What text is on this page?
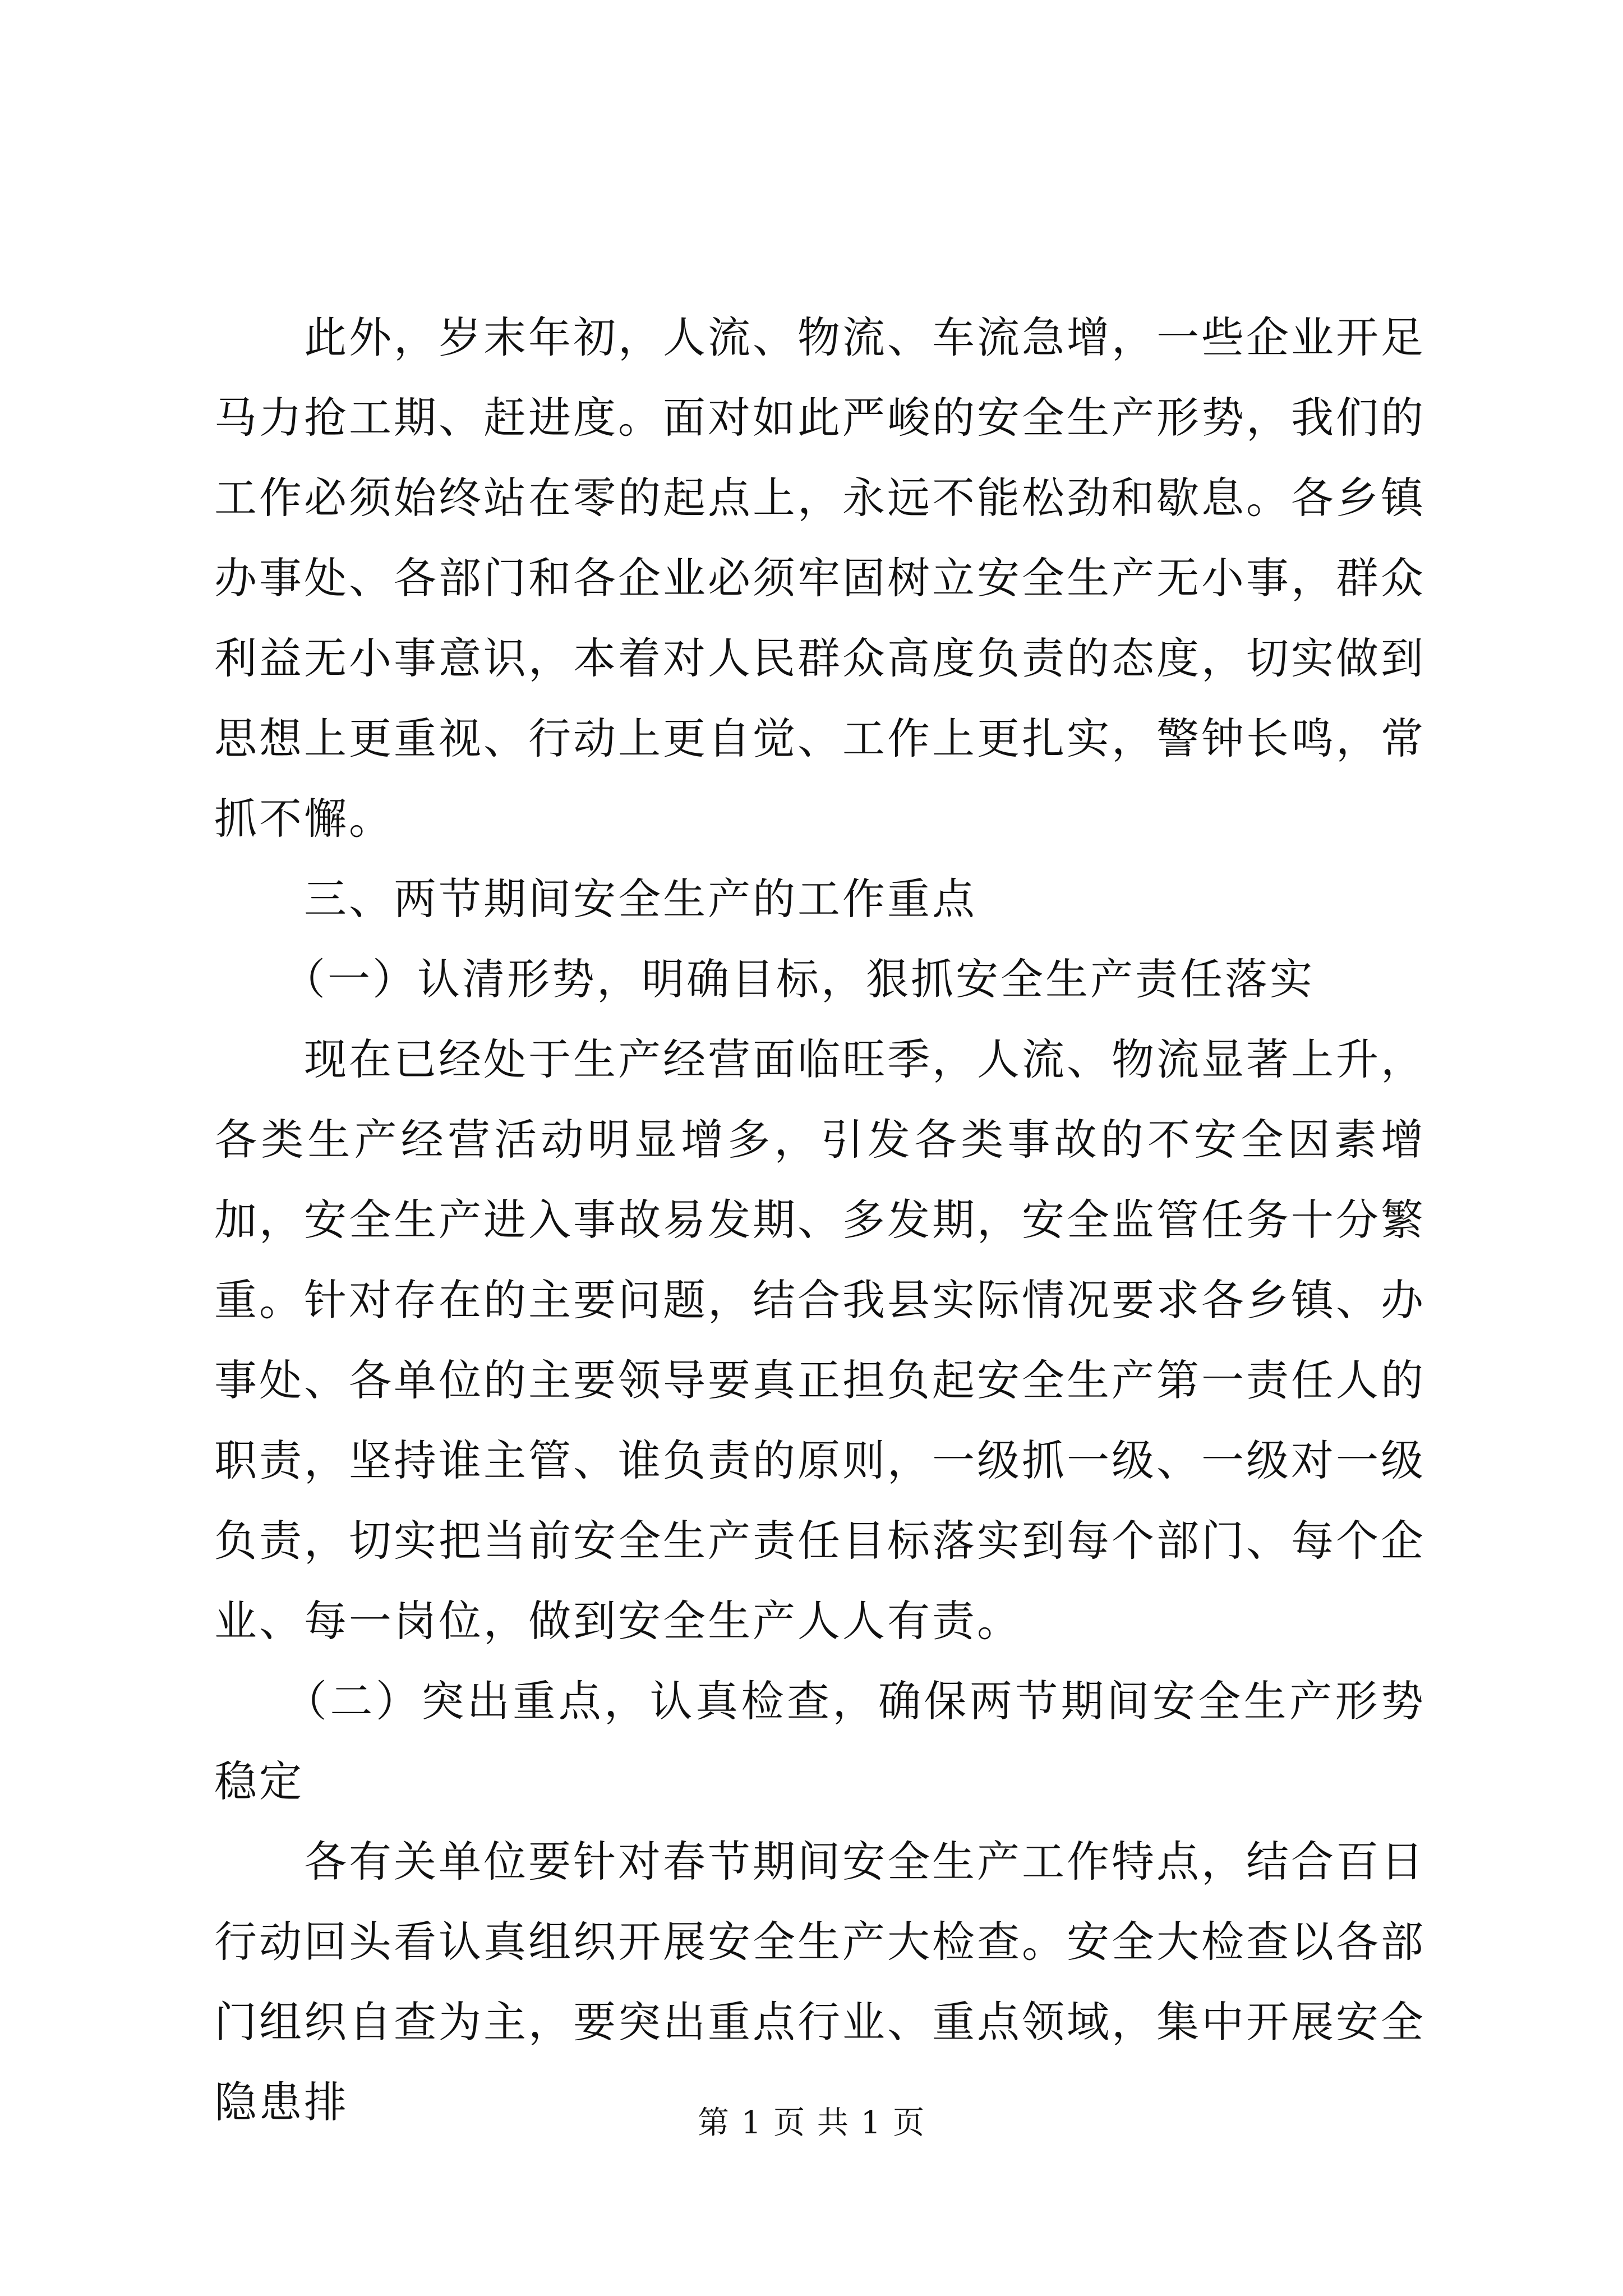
　　此外，岁末年初，人流、物流、车流急增，一些企业开足马力抢工期、赶进度。面对如此严峻的安全生产形势，我们的工作必须始终站在零的起点上，永远不能松劲和歇息。各乡镇办事处、各部门和各企业必须牢固树立安全生产无小事，群众利益无小事意识，本着对人民群众高度负责的态度，切实做到思想上更重视、行动上更自觉、工作上更扎实，警钟长鸣，常抓不懈。

　　三、两节期间安全生产的工作重点

　　（一）认清形势，明确目标，狠抓安全生产责任落实

　　现在已经处于生产经营面临旺季，人流、物流显著上升，各类生产经营活动明显增多，引发各类事故的不安全因素增加，安全生产进入事故易发期、多发期，安全监管任务十分繁重。针对存在的主要问题，结合我县实际情况要求各乡镇、办事处、各单位的主要领导要真正担负起安全生产第一责任人的职责，坚持谁主管、谁负责的原则，一级抓一级、一级对一级负责，切实把当前安全生产责任目标落实到每个部门、每个企业、每一岗位，做到安全生产人人有责。

　　（二）突出重点，认真检查，确保两节期间安全生产形势稳定

　　各有关单位要针对春节期间安全生产工作特点，结合百日行动回头看认真组织开展安全生产大检查。安全大检查以各部门组织自查为主，要突出重点行业、重点领域，集中开展安全隐患排	第 1 页 共 1 页
